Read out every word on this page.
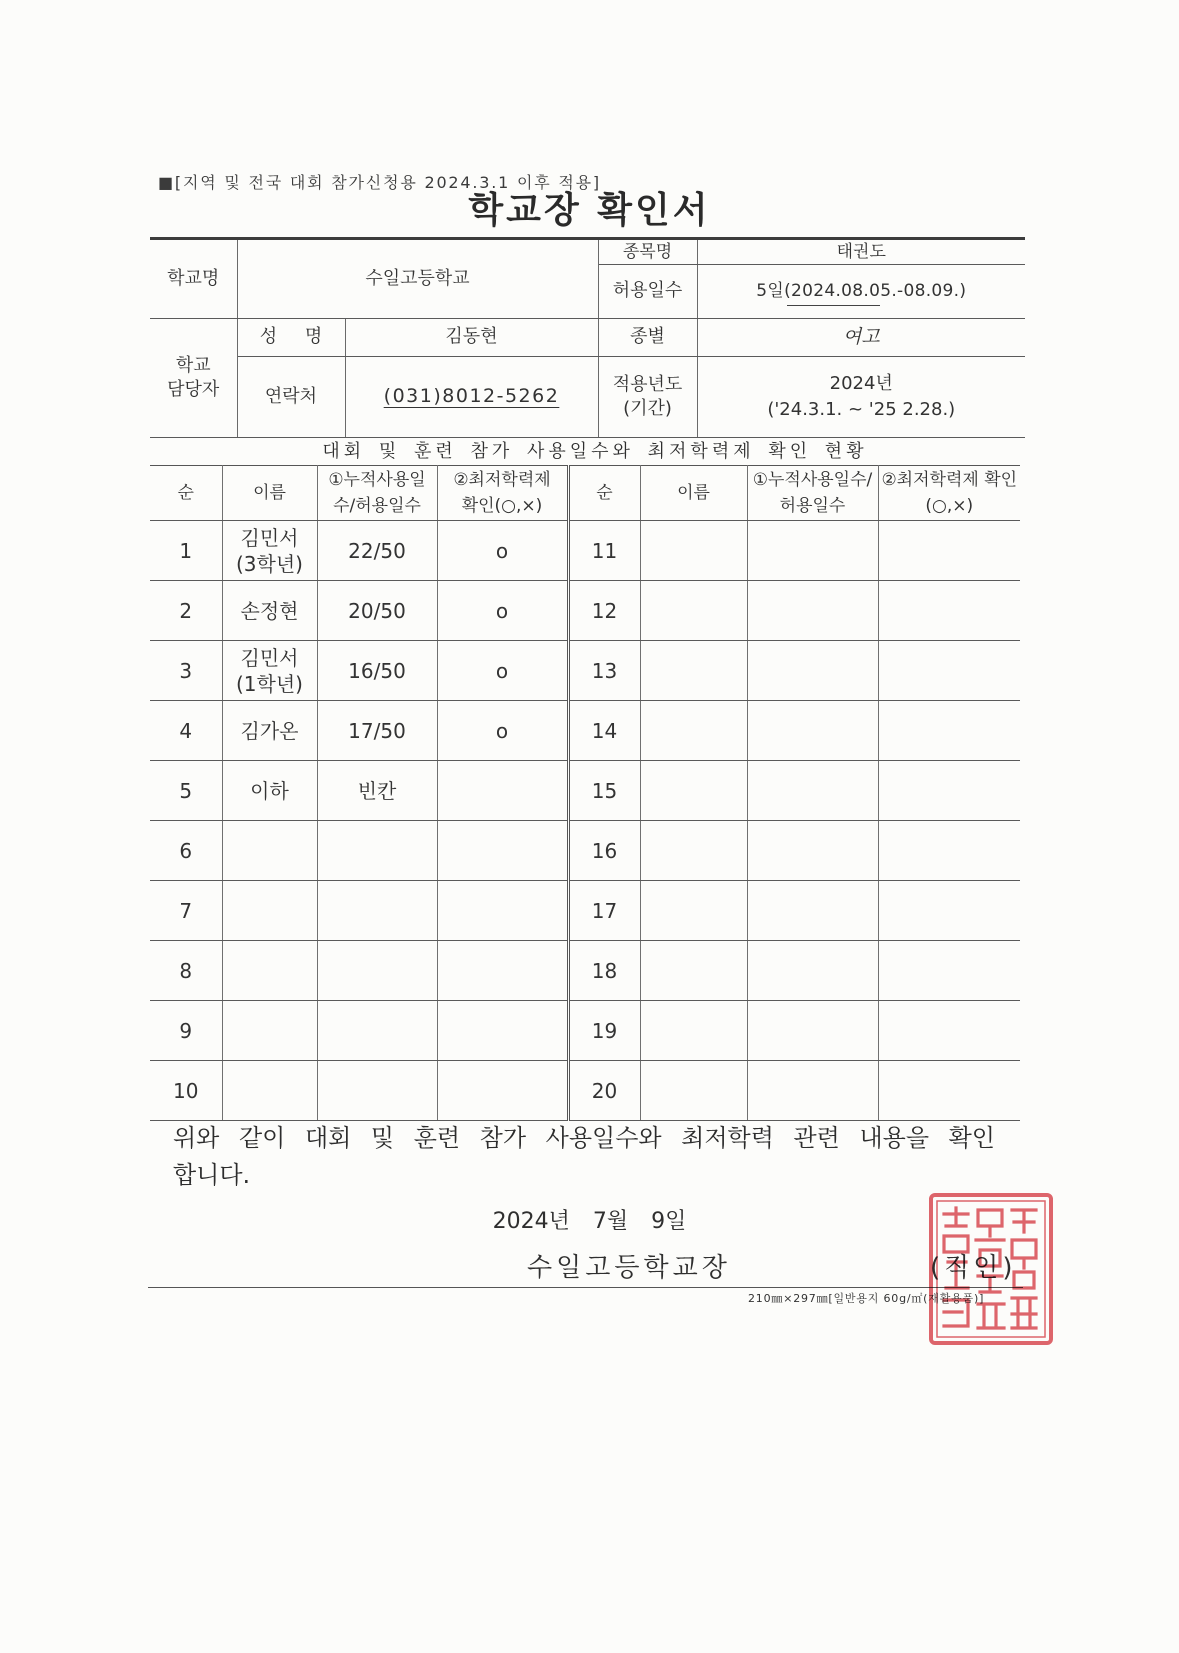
■[지역 및 전국 대회 참가신청용 2024.3.1 이후 적용]
학교장 확인서
학교명	수일고등학교		종목명	태권도
			허용일수	5일(2024.08.05.-08.09.)
학교 담당자	성 명	김동현	종별	여고
	연락처	(031)8012-5262	적용년도 (기간)	2024년
('24.3.1. ~ '25 2.28.)
대회 및 훈련 참가 사용일수와 최저학력제 확인 현황
순	이름	①누적사용일수/허용일수	②최저학력제 확인(○,×)	순	이름	①누적사용일수/허용일수	②최저학력제 확인(○,×)
1	김민서 (3학년)	22/50	o	11			
2	손정현	20/50	o	12			
3	김민서 (1학년)	16/50	o	13			
4	김가온	17/50	o	14			
5	이하	빈칸		15			
6				16			
7				17			
8				18			
9				19			
10				20			
위와 같이 대회 및 훈련 참가 사용일수와 최저학력 관련 내용을 확인
합니다.
2024년 7월 9일
수일고등학교장	(직인)
210㎜×297㎜[일반용지 60g/㎡(재활용품)]
